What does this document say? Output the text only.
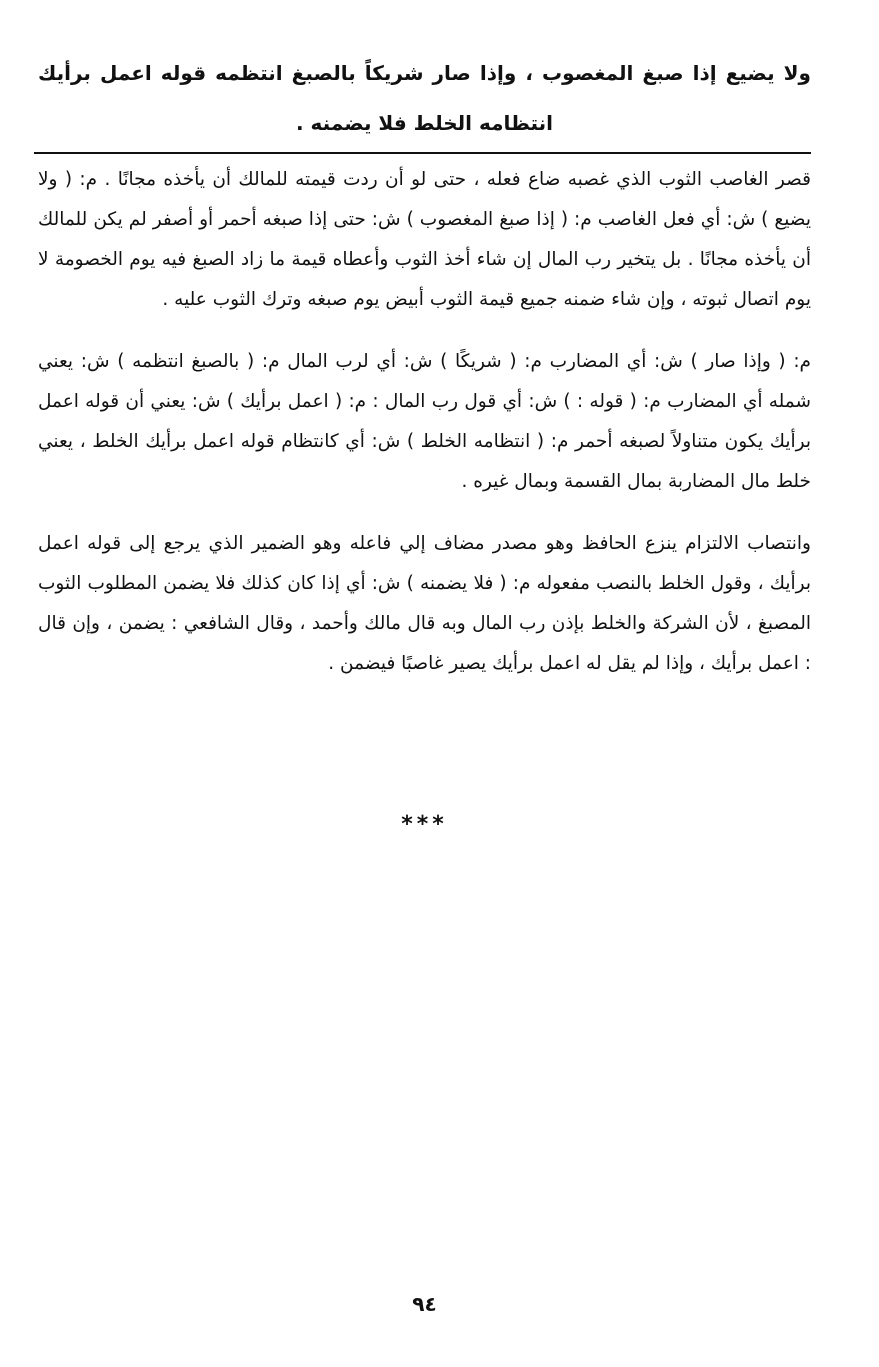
ولا يضيع إذا صبغ المغصوب ، وإذا صار شريكاً بالصبغ انتظمه قوله اعمل برأيك انتظامه الخلط فلا يضمنه .

قصر الغاصب الثوب الذي غصبه ضاع فعله ، حتى لو أن ردت قيمته للمالك أن يأخذه مجانًا . م: ( ولا يضيع ) ش: أي فعل الغاصب م: ( إذا صبغ المغصوب ) ش: حتى إذا صبغه أحمر أو أصفر لم يكن للمالك أن يأخذه مجانًا . بل يتخير رب المال إن شاء أخذ الثوب وأعطاه قيمة ما زاد الصبغ فيه يوم الخصومة لا يوم اتصال ثبوته ، وإن شاء ضمنه جميع قيمة الثوب أبيض يوم صبغه وترك الثوب عليه .

م: ( وإذا صار ) ش: أي المضارب م: ( شريكًا ) ش: أي لرب المال م: ( بالصبغ انتظمه ) ش: يعني شمله أي المضارب م: ( قوله : ) ش: أي قول رب المال : م: ( اعمل برأيك ) ش: يعني أن قوله اعمل برأيك يكون متناولاً لصبغه أحمر م: ( انتظامه الخلط ) ش: أي كانتظام قوله اعمل برأيك الخلط ، يعني خلط مال المضاربة بمال القسمة وبمال غيره .

وانتصاب الالتزام ينزع الحافظ وهو مصدر مضاف إلي فاعله وهو الضمير الذي يرجع إلى قوله اعمل برأيك ، وقول الخلط بالنصب مفعوله م: ( فلا يضمنه ) ش: أي إذا كان كذلك فلا يضمن المطلوب الثوب المصبغ ، لأن الشركة والخلط بإذن رب المال وبه قال مالك وأحمد ، وقال الشافعي : يضمن ، وإن قال : اعمل برأيك ، وإذا لم يقل له اعمل برأيك يصير غاصبًا فيضمن .

***
٩٤
